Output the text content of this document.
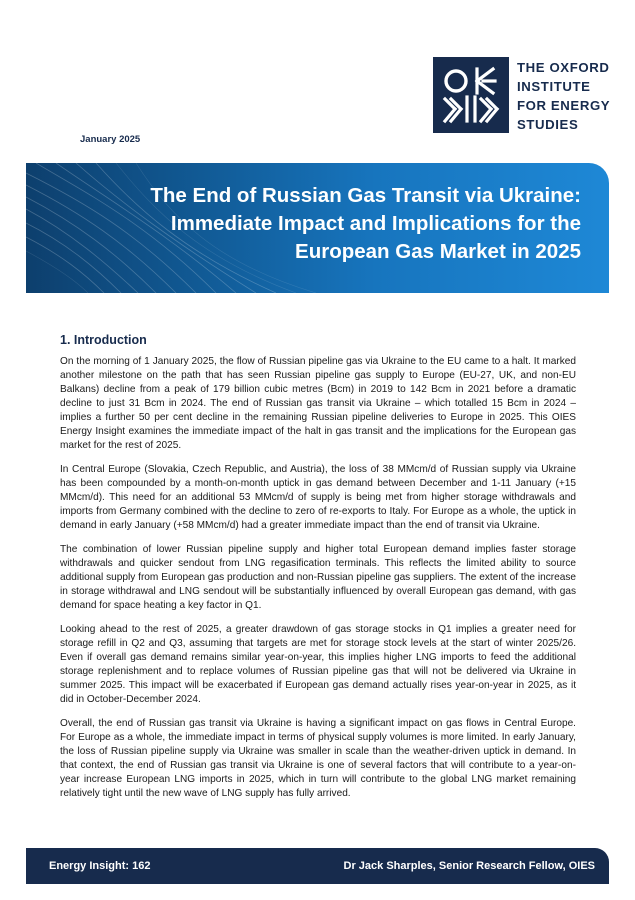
THE OXFORD
INSTITUTE
FOR ENERGY
STUDIES
January 2025
The End of Russian Gas Transit via Ukraine:
Immediate Impact and Implications for the
European Gas Market in 2025
1. Introduction

On the morning of 1 January 2025, the flow of Russian pipeline gas via Ukraine to the EU came to a halt. It marked another milestone on the path that has seen Russian pipeline gas supply to Europe (EU-27, UK, and non-EU Balkans) decline from a peak of 179 billion cubic metres (Bcm) in 2019 to 142 Bcm in 2021 before a dramatic decline to just 31 Bcm in 2024. The end of Russian gas transit via Ukraine – which totalled 15 Bcm in 2024 – implies a further 50 per cent decline in the remaining Russian pipeline deliveries to Europe in 2025. This OIES Energy Insight examines the immediate impact of the halt in gas transit and the implications for the European gas market for the rest of 2025.

In Central Europe (Slovakia, Czech Republic, and Austria), the loss of 38 MMcm/d of Russian supply via Ukraine has been compounded by a month-on-month uptick in gas demand between December and 1-11 January (+15 MMcm/d). This need for an additional 53 MMcm/d of supply is being met from higher storage withdrawals and imports from Germany combined with the decline to zero of re-exports to Italy. For Europe as a whole, the uptick in demand in early January (+58 MMcm/d) had a greater immediate impact than the end of transit via Ukraine.

The combination of lower Russian pipeline supply and higher total European demand implies faster storage withdrawals and quicker sendout from LNG regasification terminals. This reflects the limited ability to source additional supply from European gas production and non-Russian pipeline gas suppliers. The extent of the increase in storage withdrawal and LNG sendout will be substantially influenced by overall European gas demand, with gas demand for space heating a key factor in Q1.

Looking ahead to the rest of 2025, a greater drawdown of gas storage stocks in Q1 implies a greater need for storage refill in Q2 and Q3, assuming that targets are met for storage stock levels at the start of winter 2025/26. Even if overall gas demand remains similar year-on-year, this implies higher LNG imports to feed the additional storage replenishment and to replace volumes of Russian pipeline gas that will not be delivered via Ukraine in summer 2025. This impact will be exacerbated if European gas demand actually rises year-on-year in 2025, as it did in October-December 2024.

Overall, the end of Russian gas transit via Ukraine is having a significant impact on gas flows in Central Europe. For Europe as a whole, the immediate impact in terms of physical supply volumes is more limited. In early January, the loss of Russian pipeline supply via Ukraine was smaller in scale than the weather-driven uptick in demand. In that context, the end of Russian gas transit via Ukraine is one of several factors that will contribute to a year-on-year increase European LNG imports in 2025, which in turn will contribute to the global LNG market remaining relatively tight until the new wave of LNG supply has fully arrived.

Energy Insight: 162	Dr Jack Sharples, Senior Research Fellow, OIES
